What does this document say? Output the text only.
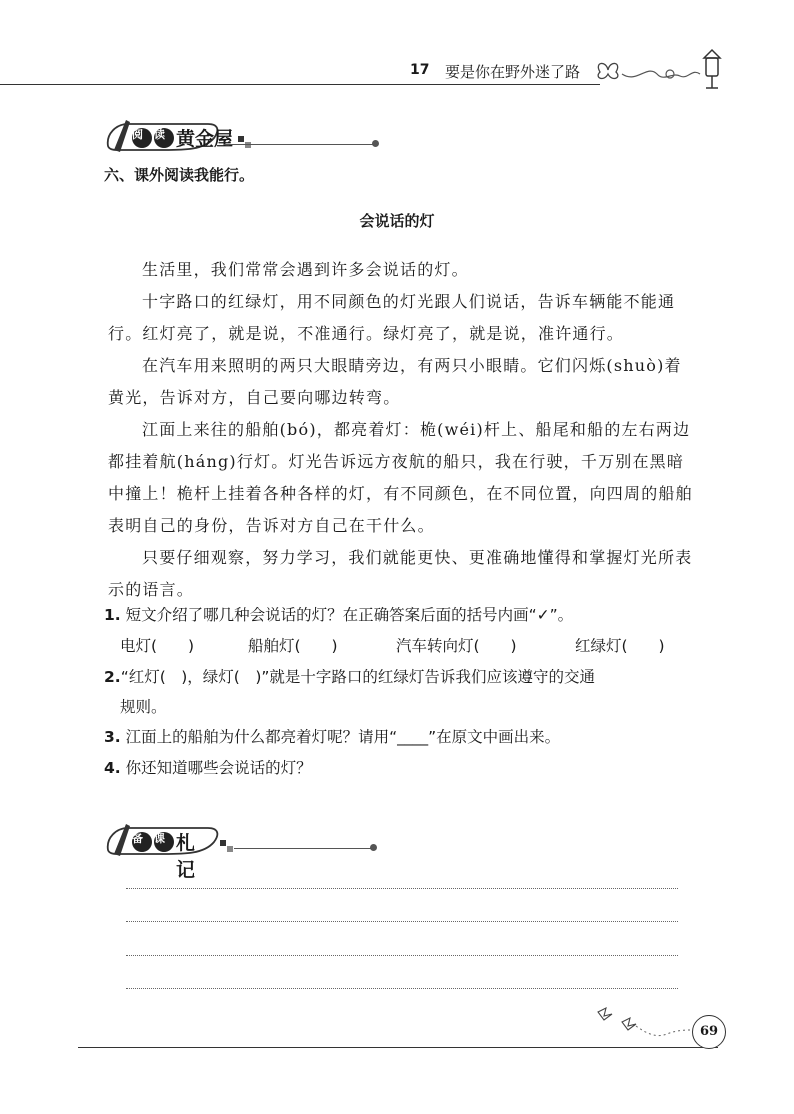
17 要是你在野外迷了路
阅	读 黄金屋
六、课外阅读我能行。
会说话的灯
生活里，我们常常会遇到许多会说话的灯。
十字路口的红绿灯，用不同颜色的灯光跟人们说话，告诉车辆能不能通
行。红灯亮了，就是说，不准通行。绿灯亮了，就是说，准许通行。
在汽车用来照明的两只大眼睛旁边，有两只小眼睛。它们闪烁(shuò)着
黄光，告诉对方，自己要向哪边转弯。
江面上来往的船舶(bó)，都亮着灯：桅(wéi)杆上、船尾和船的左右两边
都挂着航(háng)行灯。灯光告诉远方夜航的船只，我在行驶，千万别在黑暗
中撞上！桅杆上挂着各种各样的灯，有不同颜色，在不同位置，向四周的船舶
表明自己的身份，告诉对方自己在干什么。
只要仔细观察，努力学习，我们就能更快、更准确地懂得和掌握灯光所表
示的语言。
1. 短文介绍了哪几种会说话的灯？在正确答案后面的括号内画“✓”。
电灯(　　)	船舶灯(　　)	汽车转向灯(　　)	红绿灯(　　)
2.“红灯(　)，绿灯(　)”就是十字路口的红绿灯告诉我们应该遵守的交通
规则。
3. 江面上的船舶为什么都亮着灯呢？请用“____”在原文中画出来。
4. 你还知道哪些会说话的灯？
备 课 札记
69
